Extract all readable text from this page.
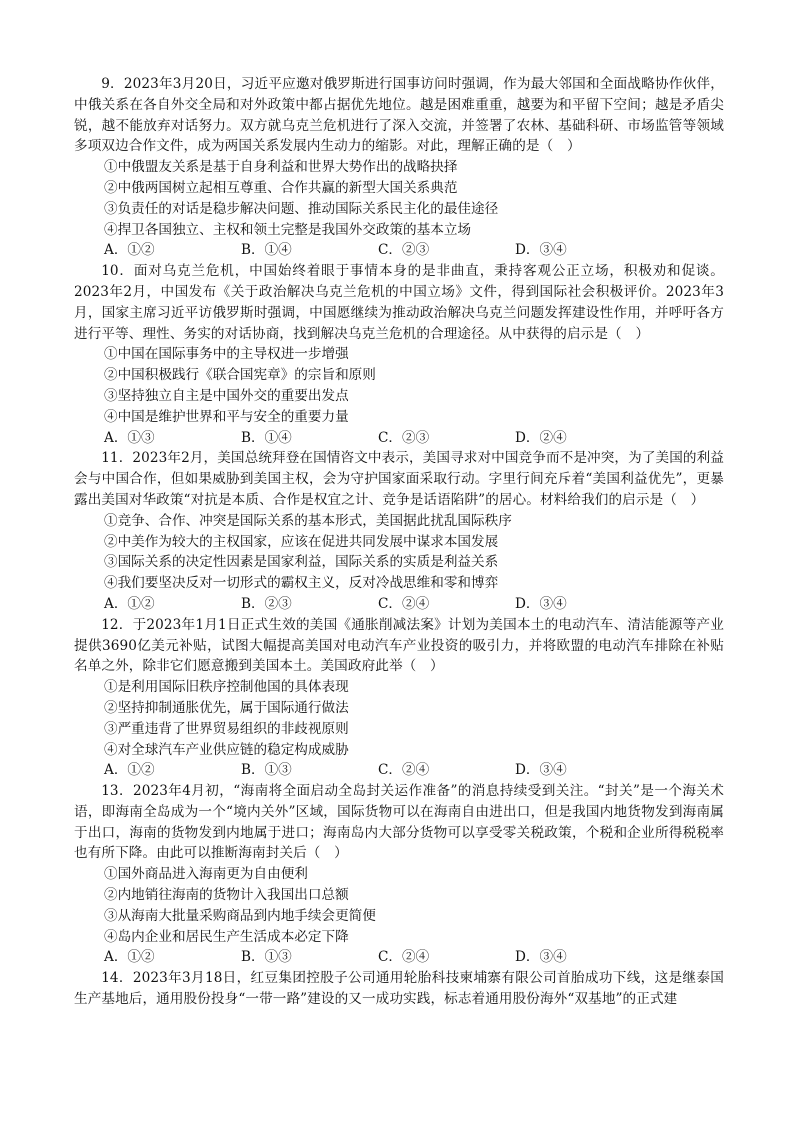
9．2023年3月20日，习近平应邀对俄罗斯进行国事访问时强调，作为最大邻国和全面战略协作伙伴，中俄关系在各自外交全局和对外政策中都占据优先地位。越是困难重重，越要为和平留下空间；越是矛盾尖锐，越不能放弃对话努力。双方就乌克兰危机进行了深入交流，并签署了农林、基础科研、市场监管等领域多项双边合作文件，成为两国关系发展内生动力的缩影。对此，理解正确的是（　）

①中俄盟友关系是基于自身利益和世界大势作出的战略抉择

②中俄两国树立起相互尊重、合作共赢的新型大国关系典范

③负责任的对话是稳步解决问题、推动国际关系民主化的最佳途径

④捍卫各国独立、主权和领土完整是我国外交政策的基本立场

A．①②	B．①④	C．②③	D．③④

10．面对乌克兰危机，中国始终着眼于事情本身的是非曲直，秉持客观公正立场，积极劝和促谈。2023年2月，中国发布《关于政治解决乌克兰危机的中国立场》文件，得到国际社会积极评价。2023年3月，国家主席习近平访俄罗斯时强调，中国愿继续为推动政治解决乌克兰问题发挥建设性作用，并呼吁各方进行平等、理性、务实的对话协商，找到解决乌克兰危机的合理途径。从中获得的启示是（　）

①中国在国际事务中的主导权进一步增强

②中国积极践行《联合国宪章》的宗旨和原则

③坚持独立自主是中国外交的重要出发点

④中国是维护世界和平与安全的重要力量

A．①③	B．①④	C．②③	D．②④

11．2023年2月，美国总统拜登在国情咨文中表示，美国寻求对中国竞争而不是冲突，为了美国的利益会与中国合作，但如果威胁到美国主权，会为守护国家面采取行动。字里行间充斥着“美国利益优先”，更暴露出美国对华政策“对抗是本质、合作是权宜之计、竞争是话语陷阱”的居心。材料给我们的启示是（　）

①竞争、合作、冲突是国际关系的基本形式，美国据此扰乱国际秩序

②中美作为较大的主权国家，应该在促进共同发展中谋求本国发展

③国际关系的决定性因素是国家利益，国际关系的实质是利益关系

④我们要坚决反对一切形式的霸权主义，反对冷战思维和零和博弈

A．①②	B．②③	C．②④	D．③④

12．于2023年1月1日正式生效的美国《通胀削减法案》计划为美国本土的电动汽车、清洁能源等产业提供3690亿美元补贴，试图大幅提高美国对电动汽车产业投资的吸引力，并将欧盟的电动汽车排除在补贴名单之外，除非它们愿意搬到美国本土。美国政府此举（　）

①是利用国际旧秩序控制他国的具体表现

②坚持抑制通胀优先，属于国际通行做法

③严重违背了世界贸易组织的非歧视原则

④对全球汽车产业供应链的稳定构成威胁

A．①②	B．①③	C．②④	D．③④

13．2023年4月初，“海南将全面启动全岛封关运作准备”的消息持续受到关注。“封关”是一个海关术语，即海南全岛成为一个“境内关外”区域，国际货物可以在海南自由进出口，但是我国内地货物发到海南属于出口，海南的货物发到内地属于进口；海南岛内大部分货物可以享受零关税政策，个税和企业所得税税率也有所下降。由此可以推断海南封关后（　）

①国外商品进入海南更为自由便利

②内地销往海南的货物计入我国出口总额

③从海南大批量采购商品到内地手续会更简便

④岛内企业和居民生产生活成本必定下降

A．①②	B．①③	C．②④	D．③④

14．2023年3月18日，红豆集团控股子公司通用轮胎科技柬埔寨有限公司首胎成功下线，这是继泰国生产基地后，通用股份投身“一带一路”建设的又一成功实践，标志着通用股份海外“双基地”的正式建
